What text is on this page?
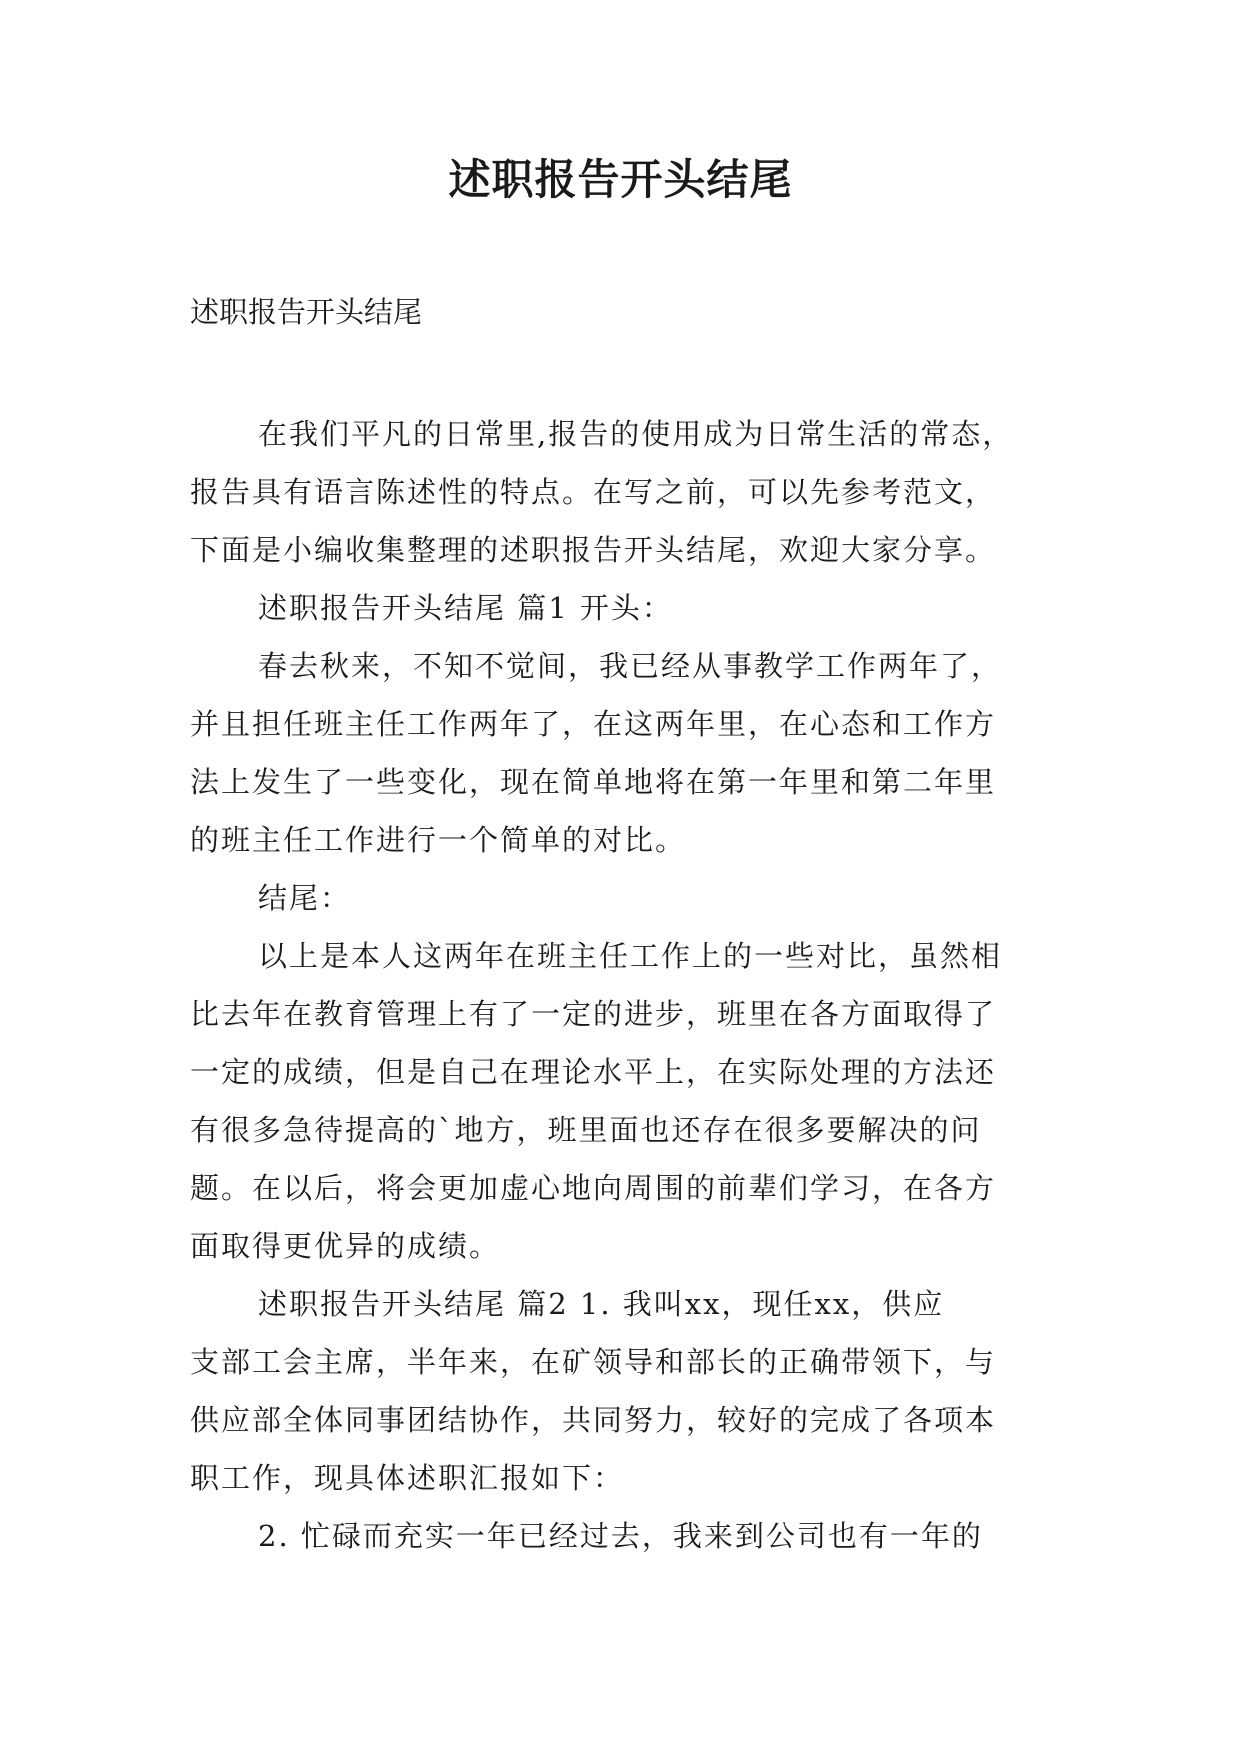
述职报告开头结尾

述职报告开头结尾

在我们平凡的日常里,报告的使用成为日常生活的常态，
报告具有语言陈述性的特点。在写之前，可以先参考范文，
下面是小编收集整理的述职报告开头结尾，欢迎大家分享。
述职报告开头结尾 篇1 开头：
春去秋来，不知不觉间，我已经从事教学工作两年了，
并且担任班主任工作两年了，在这两年里，在心态和工作方
法上发生了一些变化，现在简单地将在第一年里和第二年里
的班主任工作进行一个简单的对比。
结尾：
以上是本人这两年在班主任工作上的一些对比，虽然相
比去年在教育管理上有了一定的进步，班里在各方面取得了
一定的成绩，但是自己在理论水平上，在实际处理的方法还
有很多急待提高的`地方，班里面也还存在很多要解决的问
题。在以后，将会更加虚心地向周围的前辈们学习，在各方
面取得更优异的成绩。
述职报告开头结尾 篇2 1. 我叫xx，现任xx，供应
支部工会主席，半年来，在矿领导和部长的正确带领下，与
供应部全体同事团结协作，共同努力，较好的完成了各项本
职工作，现具体述职汇报如下：
2. 忙碌而充实一年已经过去，我来到公司也有一年的
